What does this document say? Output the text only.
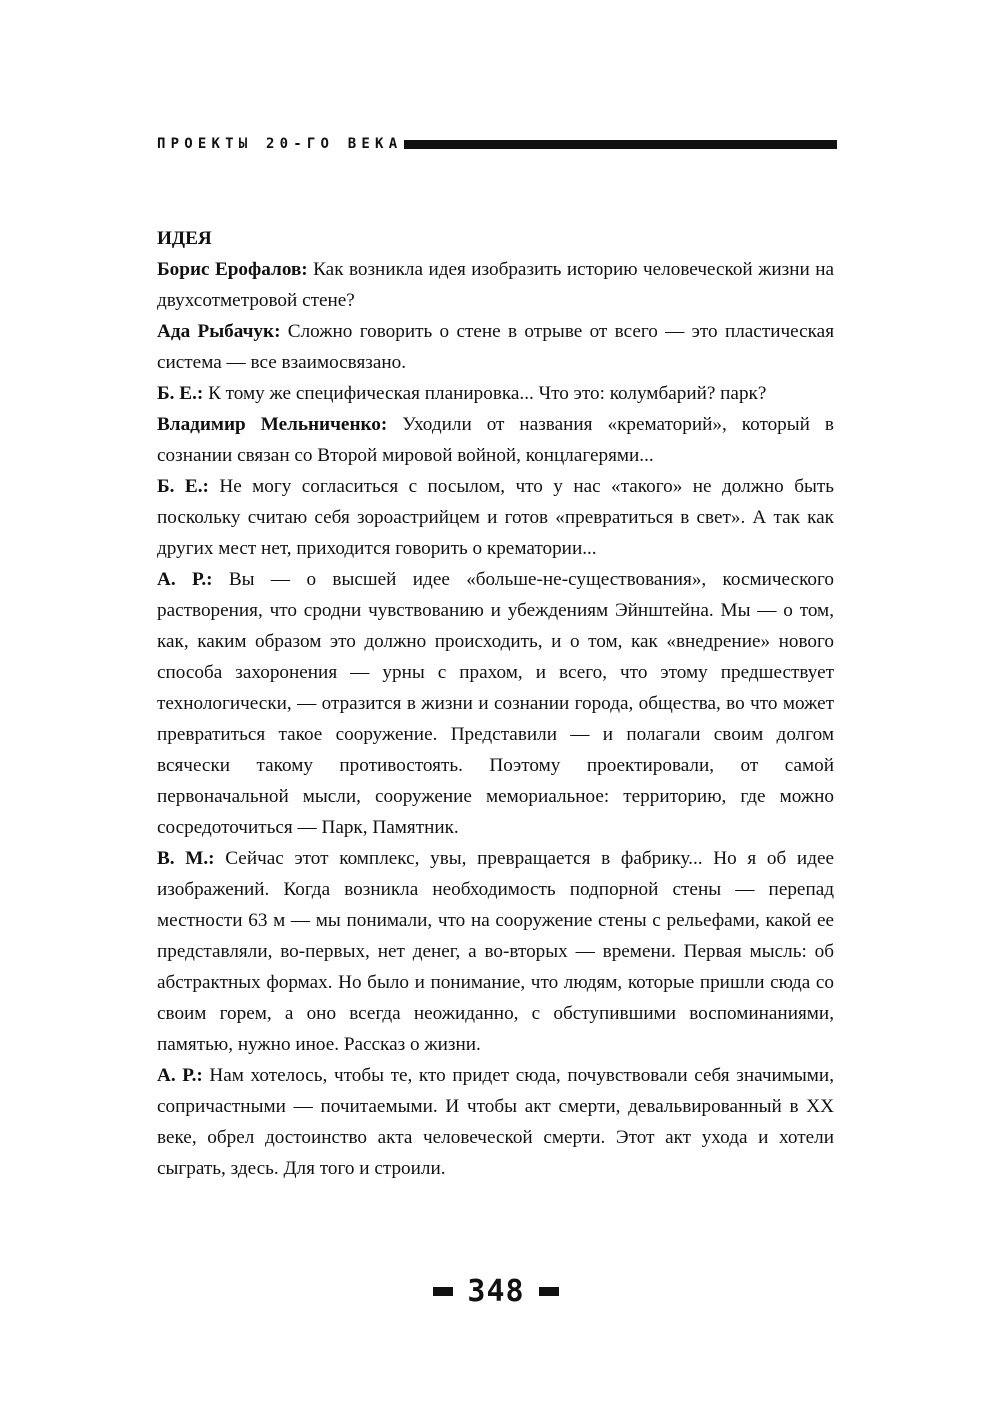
ПРОЕКТЫ 20-ГО ВЕКА
ИДЕЯ

Борис Ерофалов: Как возникла идея изобразить историю человеческой жизни на двухсотметровой стене?

Ада Рыбачук: Сложно говорить о стене в отрыве от всего — это пластическая система — все взаимосвязано.

Б. Е.: К тому же специфическая планировка... Что это: колумбарий? парк?

Владимир Мельниченко: Уходили от названия «крематорий», который в сознании связан со Второй мировой войной, концлагерями...

Б. Е.: Не могу согласиться с посылом, что у нас «такого» не должно быть поскольку считаю себя зороастрийцем и готов «превратиться в свет». А так как других мест нет, приходится говорить о крематории...

А. Р.: Вы — о высшей идее «больше-не-существования», космического растворения, что сродни чувствованию и убеждениям Эйнштейна. Мы — о том, как, каким образом это должно происходить, и о том, как «внедрение» нового способа захоронения — урны с прахом, и всего, что этому предшествует технологически, — отразится в жизни и сознании города, общества, во что может превратиться такое сооружение. Представили — и полагали своим долгом всячески такому противостоять. Поэтому проектировали, от самой первоначальной мысли, сооружение мемориальное: территорию, где можно сосредоточиться — Парк, Памятник.

В. М.: Сейчас этот комплекс, увы, превращается в фабрику... Но я об идее изображений. Когда возникла необходимость подпорной стены — перепад местности 63 м — мы понимали, что на сооружение стены с рельефами, какой ее представляли, во-первых, нет денег, а во-вторых — времени. Первая мысль: об абстрактных формах. Но было и понимание, что людям, которые пришли сюда со своим горем, а оно всегда неожиданно, с обступившими воспоминаниями, памятью, нужно иное. Рассказ о жизни.

А. Р.: Нам хотелось, чтобы те, кто придет сюда, почувствовали себя значимыми, сопричастными — почитаемыми. И чтобы акт смерти, девальвированный в XX веке, обрел достоинство акта человеческой смерти. Этот акт ухода и хотели сыграть, здесь. Для того и строили.

348
